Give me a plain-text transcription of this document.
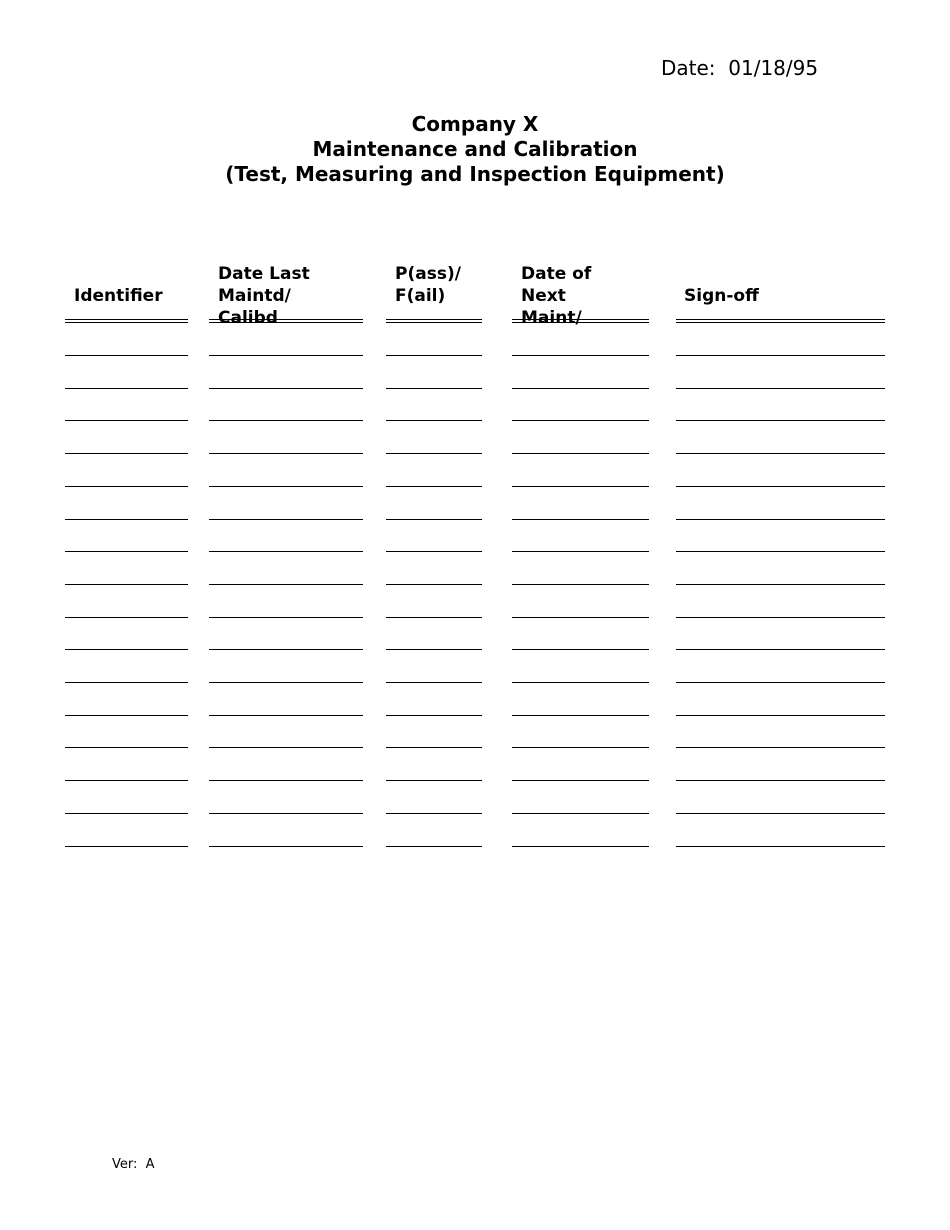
Date: 01/18/95
Company X
Maintenance and Calibration
(Test, Measuring and Inspection Equipment)
Identifier
Date Last
Maintd/
Calibd
P(ass)/
F(ail)
Date of
Next
Maint/
Sign-off
Ver: A
